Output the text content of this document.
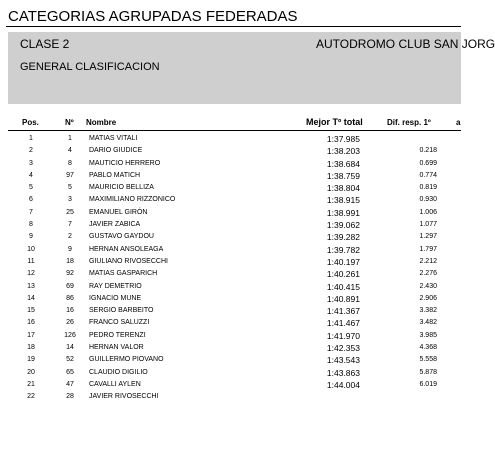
CATEGORIAS AGRUPADAS FEDERADAS
CLASE 2	AUTODROMO CLUB SAN JORG
GENERAL CLASIFICACION
Pos.	Nº Nombre	Mejor Tº total	Dif. resp. 1º	a
1	1	MATIAS VITALI	1:37.985
2	4	DARIO GIUDICE	1:38.203	0.218
3	8	MAUTICIO HERRERO	1:38.684	0.699
4	97	PABLO MATICH	1:38.759	0.774
5	5	MAURICIO BELLIZA	1:38.804	0.819
6	3	MAXIMILIANO RIZZONICO	1:38.915	0.930
7	25	EMANUEL GIRÓN	1:38.991	1.006
8	7	JAVIER ZABICA	1:39.062	1.077
9	2	GUSTAVO GAYDOU	1:39.282	1.297
10	9	HERNAN ANSOLEAGA	1:39.782	1.797
11	18	GIULIANO RIVOSECCHI	1:40.197	2.212
12	92	MATIAS GASPARICH	1:40.261	2.276
13	69	RAY DEMETRIO	1:40.415	2.430
14	86	IGNACIO MUNE	1:40.891	2.906
15	16	SERGIO BARBEITO	1:41.367	3.382
16	26	FRANCO SALUZZI	1:41.467	3.482
17	126	PEDRO TERENZI	1:41.970	3.985
18	14	HERNAN VALOR	1:42.353	4.368
19	52	GUILLERMO PIOVANO	1:43.543	5.558
20	65	CLAUDIO DIGILIO	1:43.863	5.878
21	47	CAVALLI AYLEN	1:44.004	6.019
22	28	JAVIER RIVOSECCHI
